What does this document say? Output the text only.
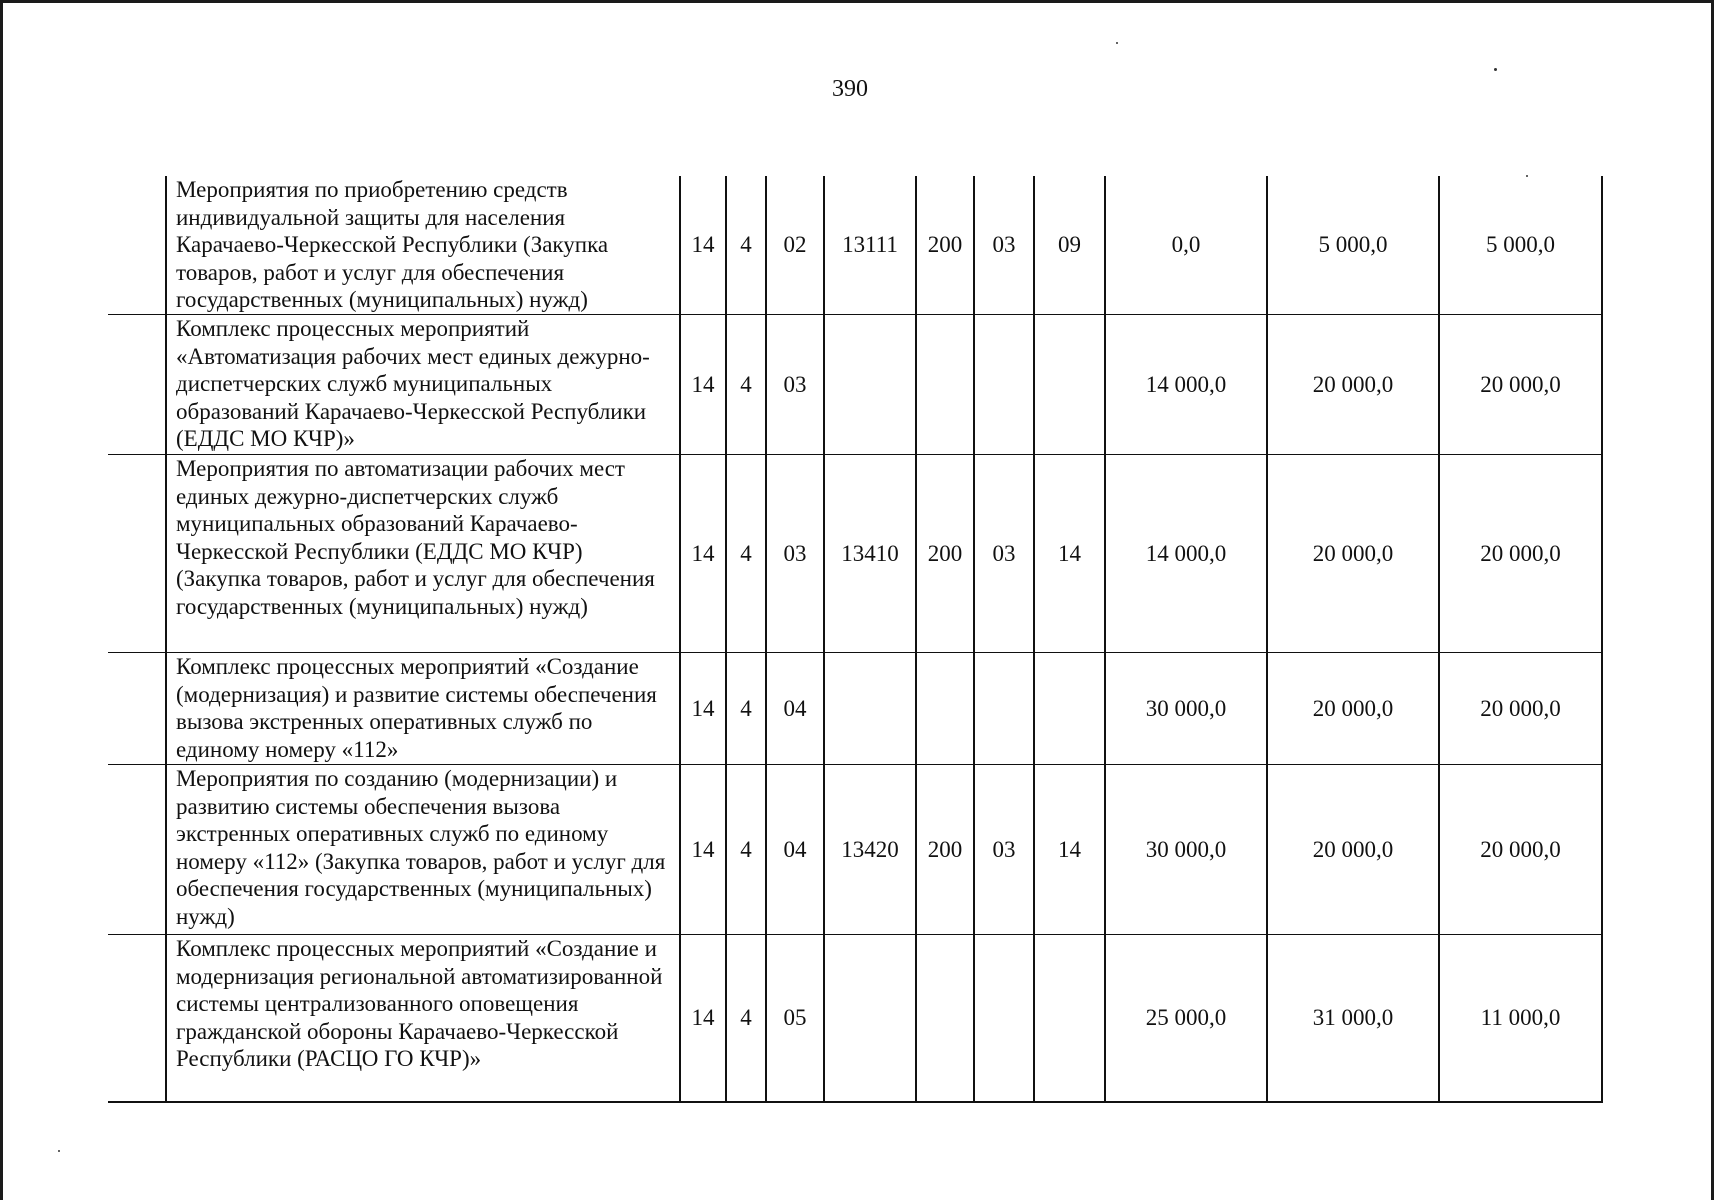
390
	Мероприятия по приобретению средств индивидуальной защиты для населения Карачаево-Черкесской Республики (Закупка товаров, работ и услуг для обеспечения государственных (муниципальных) нужд)	14	4	02	13111	200	03	09	0,0	5 000,0	5 000,0
	Комплекс процессных мероприятий «Автоматизация рабочих мест единых дежурно-диспетчерских служб муниципальных образований Карачаево-Черкесской Республики (ЕДДС МО КЧР)»	14	4	03					14 000,0	20 000,0	20 000,0
	Мероприятия по автоматизации рабочих мест единых дежурно-диспетчерских служб муниципальных образований Карачаево-Черкесской Республики (ЕДДС МО КЧР) (Закупка товаров, работ и услуг для обеспечения государственных (муниципальных) нужд)	14	4	03	13410	200	03	14	14 000,0	20 000,0	20 000,0
	Комплекс процессных мероприятий «Создание (модернизация) и развитие системы обеспечения вызова экстренных оперативных служб по единому номеру «112»	14	4	04					30 000,0	20 000,0	20 000,0
	Мероприятия по созданию (модернизации) и развитию системы обеспечения вызова экстренных оперативных служб по единому номеру «112» (Закупка товаров, работ и услуг для обеспечения государственных (муниципальных) нужд)	14	4	04	13420	200	03	14	30 000,0	20 000,0	20 000,0
	Комплекс процессных мероприятий «Создание и модернизация региональной автоматизированной системы централизованного оповещения гражданской обороны Карачаево-Черкесской Республики (РАСЦО ГО КЧР)»	14	4	05					25 000,0	31 000,0	11 000,0
